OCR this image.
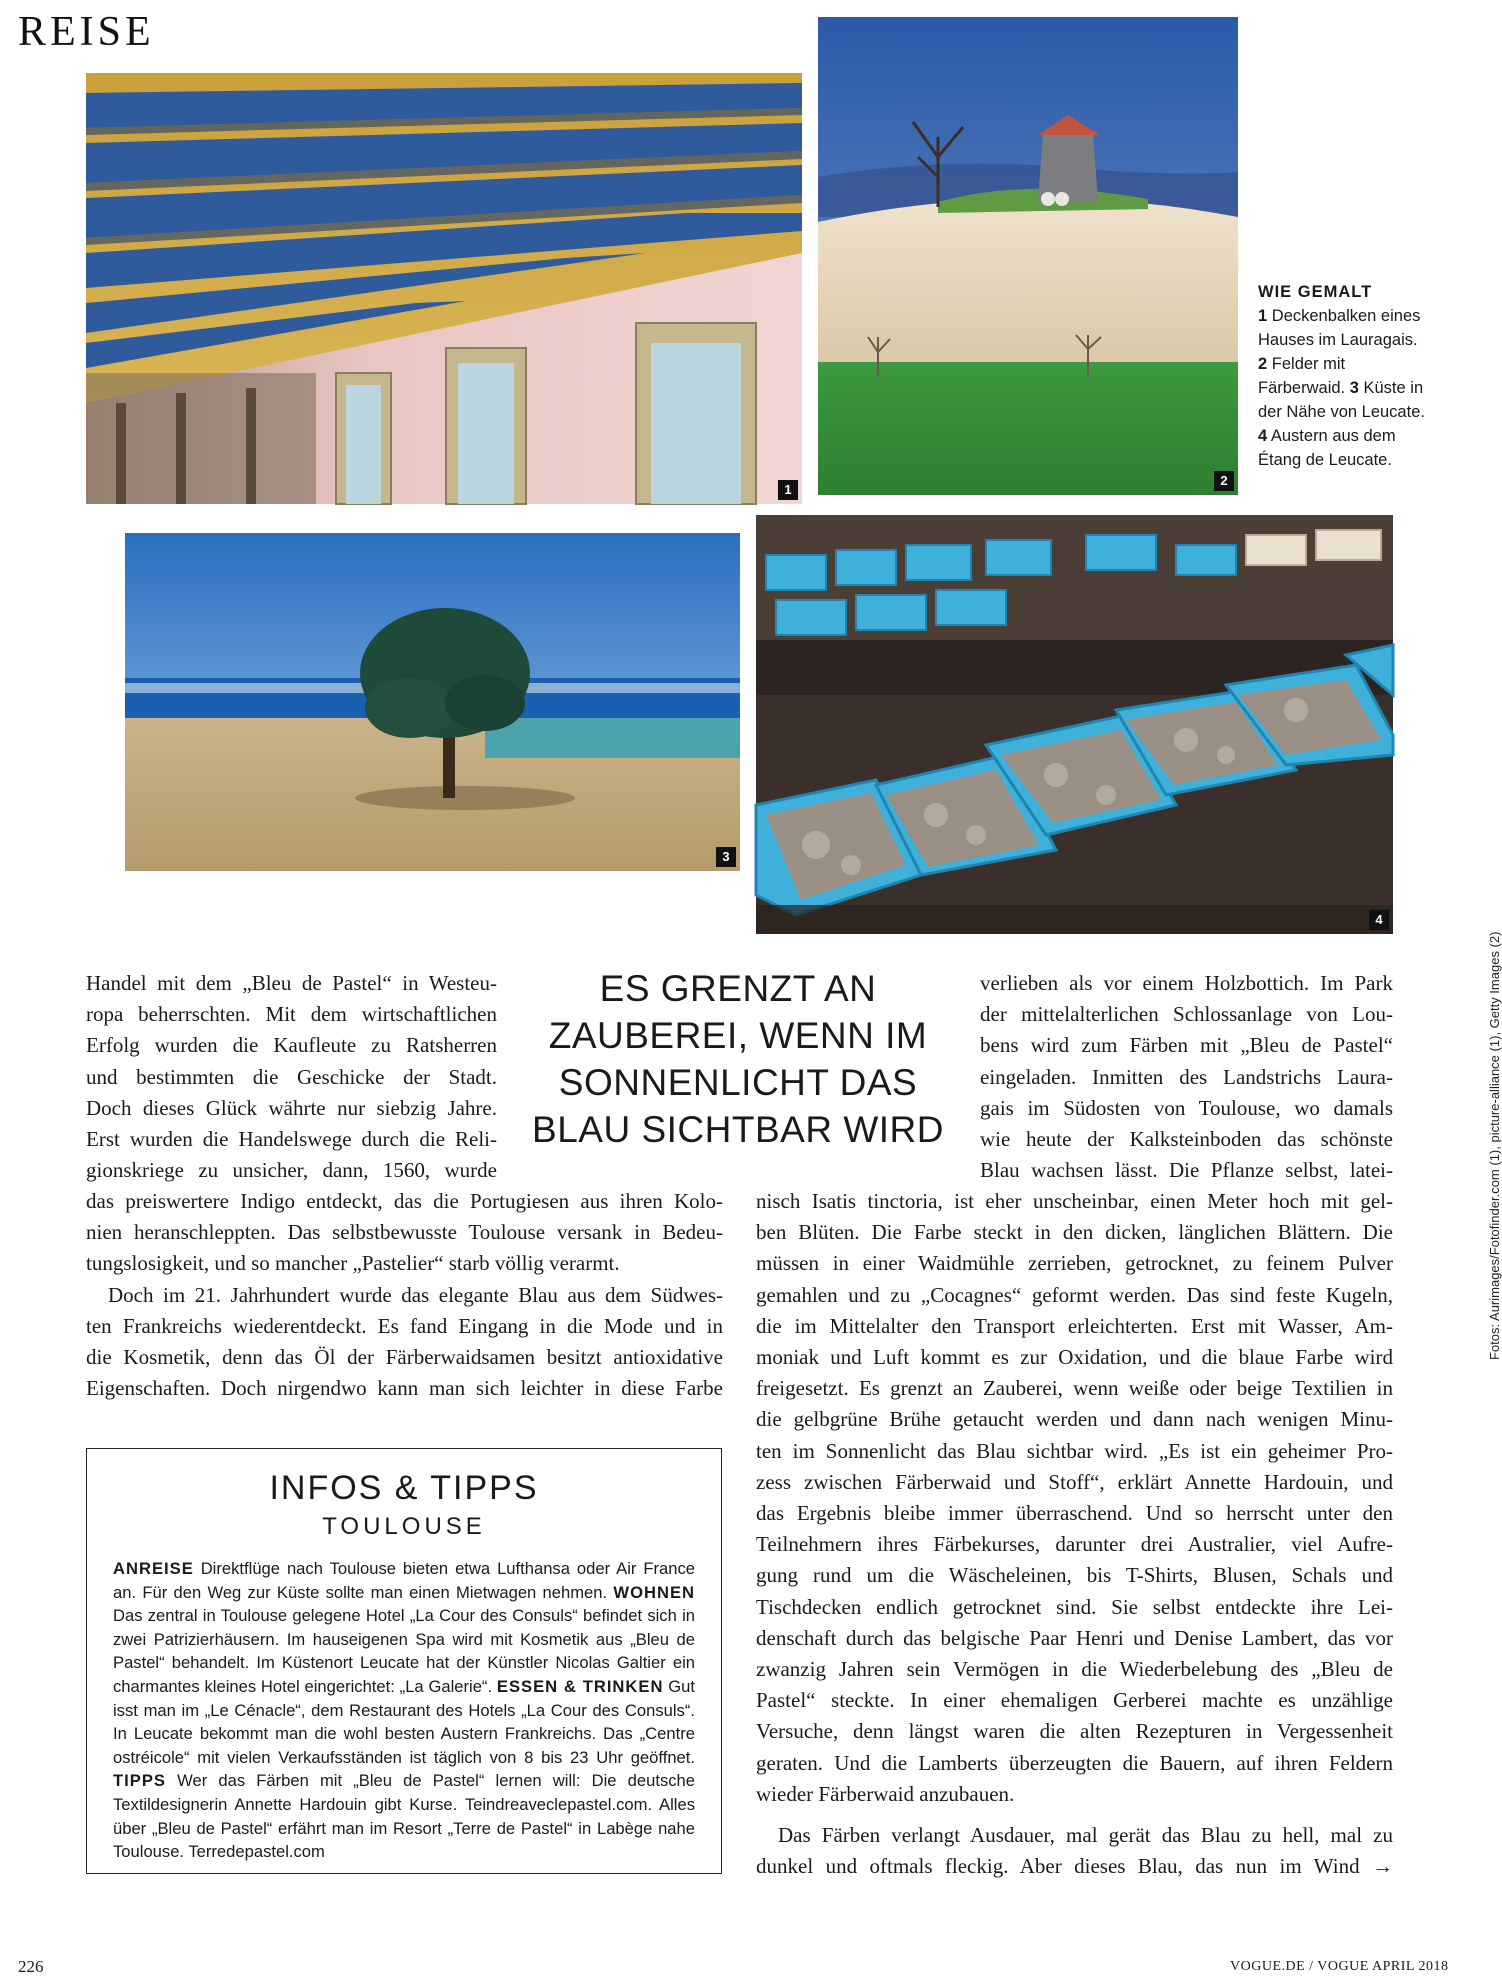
REISE
1
2
WIE GEMALT
1 Deckenbalken eines Hauses im Lauragais. 2 Felder mit Färberwaid. 3 Küste in der Nähe von Leucate. 4 Austern aus dem Étang de Leucate.
3
4
ES GRENZT AN
ZAUBEREI, WENN IM
SONNENLICHT DAS
BLAU SICHTBAR WIRD
Handel mit dem „Bleu de Pastel“ in Westeu-
ropa beherrschten. Mit dem wirtschaftlichen
Erfolg wurden die Kaufleute zu Ratsherren
und bestimmten die Geschicke der Stadt.
Doch dieses Glück währte nur siebzig Jahre.
Erst wurden die Handelswege durch die Reli-
gionskriege zu unsicher, dann, 1560, wurde
das preiswertere Indigo entdeckt, das die Portugiesen aus ihren Kolo-
nien heranschleppten. Das selbstbewusste Toulouse versank in Bedeu-
tungslosigkeit, und so mancher „Pastelier“ starb völlig verarmt.
Doch im 21. Jahrhundert wurde das elegante Blau aus dem Südwes-
ten Frankreichs wiederentdeckt. Es fand Eingang in die Mode und in
die Kosmetik, denn das Öl der Färberwaidsamen besitzt antioxidative
Eigenschaften. Doch nirgendwo kann man sich leichter in diese Farbe
verlieben als vor einem Holzbottich. Im Park
der mittelalterlichen Schlossanlage von Lou-
bens wird zum Färben mit „Bleu de Pastel“
eingeladen. Inmitten des Landstrichs Laura-
gais im Südosten von Toulouse, wo damals
wie heute der Kalksteinboden das schönste
Blau wachsen lässt. Die Pflanze selbst, latei-
nisch Isatis tinctoria, ist eher unscheinbar, einen Meter hoch mit gel-
ben Blüten. Die Farbe steckt in den dicken, länglichen Blättern. Die
müssen in einer Waidmühle zerrieben, getrocknet, zu feinem Pulver
gemahlen und zu „Cocagnes“ geformt werden. Das sind feste Kugeln,
die im Mittelalter den Transport erleichterten. Erst mit Wasser, Am-
moniak und Luft kommt es zur Oxidation, und die blaue Farbe wird
freigesetzt. Es grenzt an Zauberei, wenn weiße oder beige Textilien in
die gelbgrüne Brühe getaucht werden und dann nach wenigen Minu-
ten im Sonnenlicht das Blau sichtbar wird. „Es ist ein geheimer Pro-
zess zwischen Färberwaid und Stoff“, erklärt Annette Hardouin, und
das Ergebnis bleibe immer überraschend. Und so herrscht unter den
Teilnehmern ihres Färbekurses, darunter drei Australier, viel Aufre-
gung rund um die Wäscheleinen, bis T-Shirts, Blusen, Schals und
Tischdecken endlich getrocknet sind. Sie selbst entdeckte ihre Lei-
denschaft durch das belgische Paar Henri und Denise Lambert, das vor
zwanzig Jahren sein Vermögen in die Wiederbelebung des „Bleu de
Pastel“ steckte. In einer ehemaligen Gerberei machte es unzählige
Versuche, denn längst waren die alten Rezepturen in Vergessenheit
geraten. Und die Lamberts überzeugten die Bauern, auf ihren Feldern
wieder Färberwaid anzubauen.
Das Färben verlangt Ausdauer, mal gerät das Blau zu hell, mal zu
dunkel und oftmals fleckig. Aber dieses Blau, das nun im Wind →
INFOS & TIPPS
TOULOUSE
ANREISE Direktflüge nach Toulouse bieten etwa Lufthansa oder Air France an. Für den Weg zur Küste sollte man einen Mietwagen nehmen. WOHNEN Das zentral in Toulouse gelegene Hotel „La Cour des Consuls“ befindet sich in zwei Patrizierhäusern. Im hauseigenen Spa wird mit Kosmetik aus „Bleu de Pastel“ behandelt. Im Küstenort Leucate hat der Künstler Nicolas Galtier ein charmantes kleines Hotel eingerichtet: „La Galerie“. ESSEN & TRINKEN Gut isst man im „Le Cénacle“, dem Restaurant des Hotels „La Cour des Consuls“. In Leucate bekommt man die wohl besten Austern Frankreichs. Das „Centre ostréicole“ mit vielen Verkaufsständen ist täglich von 8 bis 23 Uhr geöffnet. TIPPS Wer das Färben mit „Bleu de Pastel“ lernen will: Die deutsche Textildesignerin Annette Hardouin gibt Kurse. Teindreaveclepastel.com. Alles über „Bleu de Pastel“ erfährt man im Resort „Terre de Pastel“ in Labège nahe Toulouse. Terredepastel.com
226	VOGUE.DE / VOGUE APRIL 2018
Fotos: Aurimages/Fotofinder.com (1), picture-alliance (1), Getty Images (2)
